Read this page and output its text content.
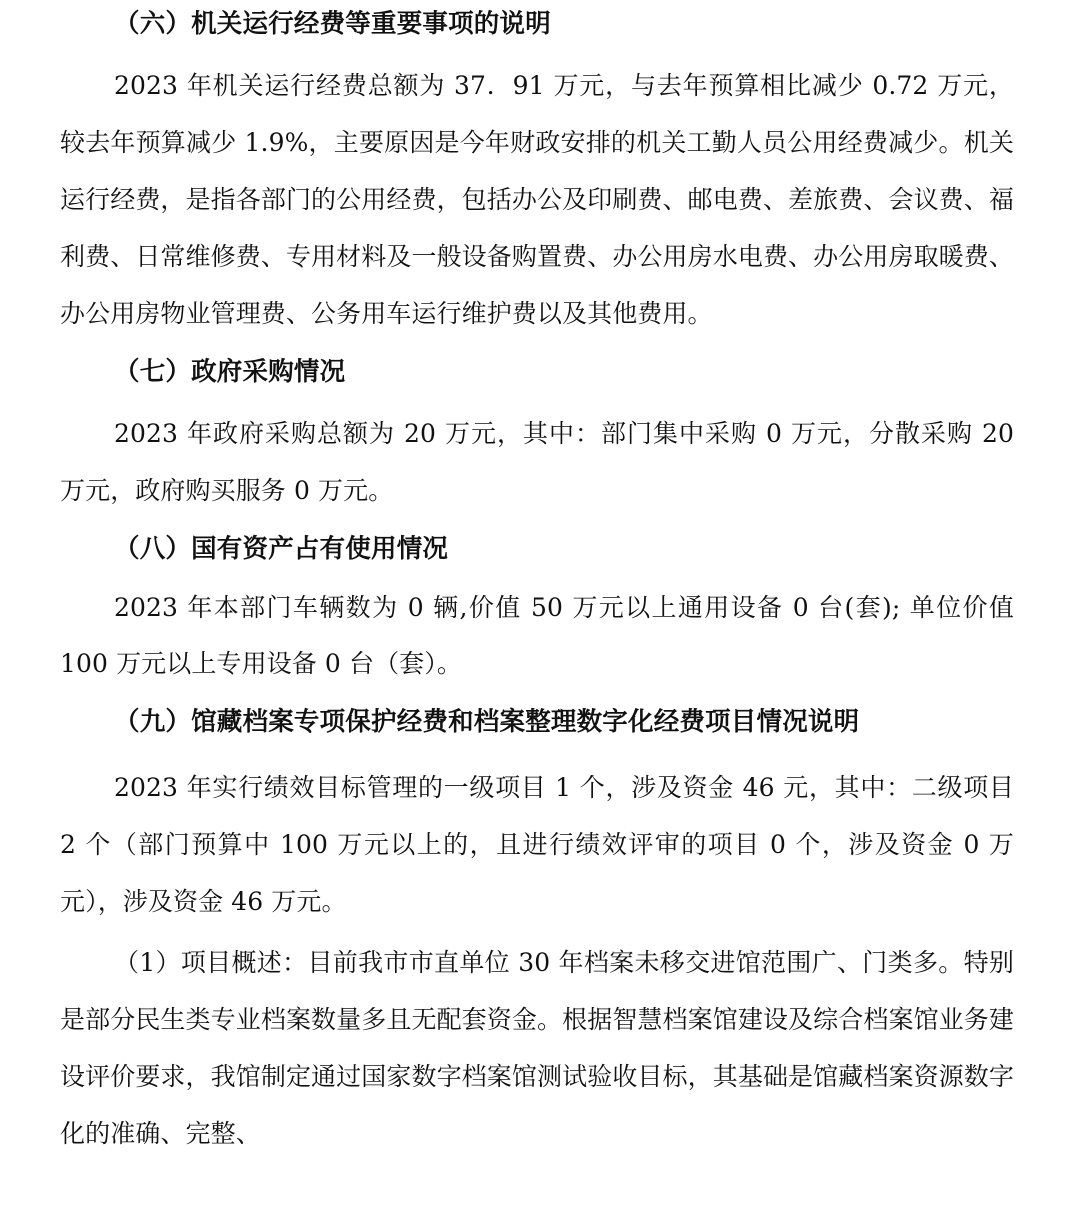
（六）机关运行经费等重要事项的说明

2023 年机关运行经费总额为 37．91 万元，与去年预算相比减少 0.72 万元，较去年预算减少 1.9%，主要原因是今年财政安排的机关工勤人员公用经费减少。机关运行经费，是指各部门的公用经费，包括办公及印刷费、邮电费、差旅费、会议费、福利费、日常维修费、专用材料及一般设备购置费、办公用房水电费、办公用房取暖费、办公用房物业管理费、公务用车运行维护费以及其他费用。

（七）政府采购情况

2023 年政府采购总额为 20 万元，其中：部门集中采购 0 万元，分散采购 20 万元，政府购买服务 0 万元。

（八）国有资产占有使用情况

2023 年本部门车辆数为 0 辆,价值 50 万元以上通用设备 0 台(套); 单位价值 100 万元以上专用设备 0 台（套）。

（九）馆藏档案专项保护经费和档案整理数字化经费项目情况说明

2023 年实行绩效目标管理的一级项目 1 个，涉及资金 46 元，其中：二级项目 2 个（部门预算中 100 万元以上的，且进行绩效评审的项目 0 个，涉及资金 0 万元），涉及资金 46 万元。

（1）项目概述：目前我市市直单位 30 年档案未移交进馆范围广、门类多。特别是部分民生类专业档案数量多且无配套资金。根据智慧档案馆建设及综合档案馆业务建设评价要求，我馆制定通过国家数字档案馆测试验收目标，其基础是馆藏档案资源数字化的准确、完整、
